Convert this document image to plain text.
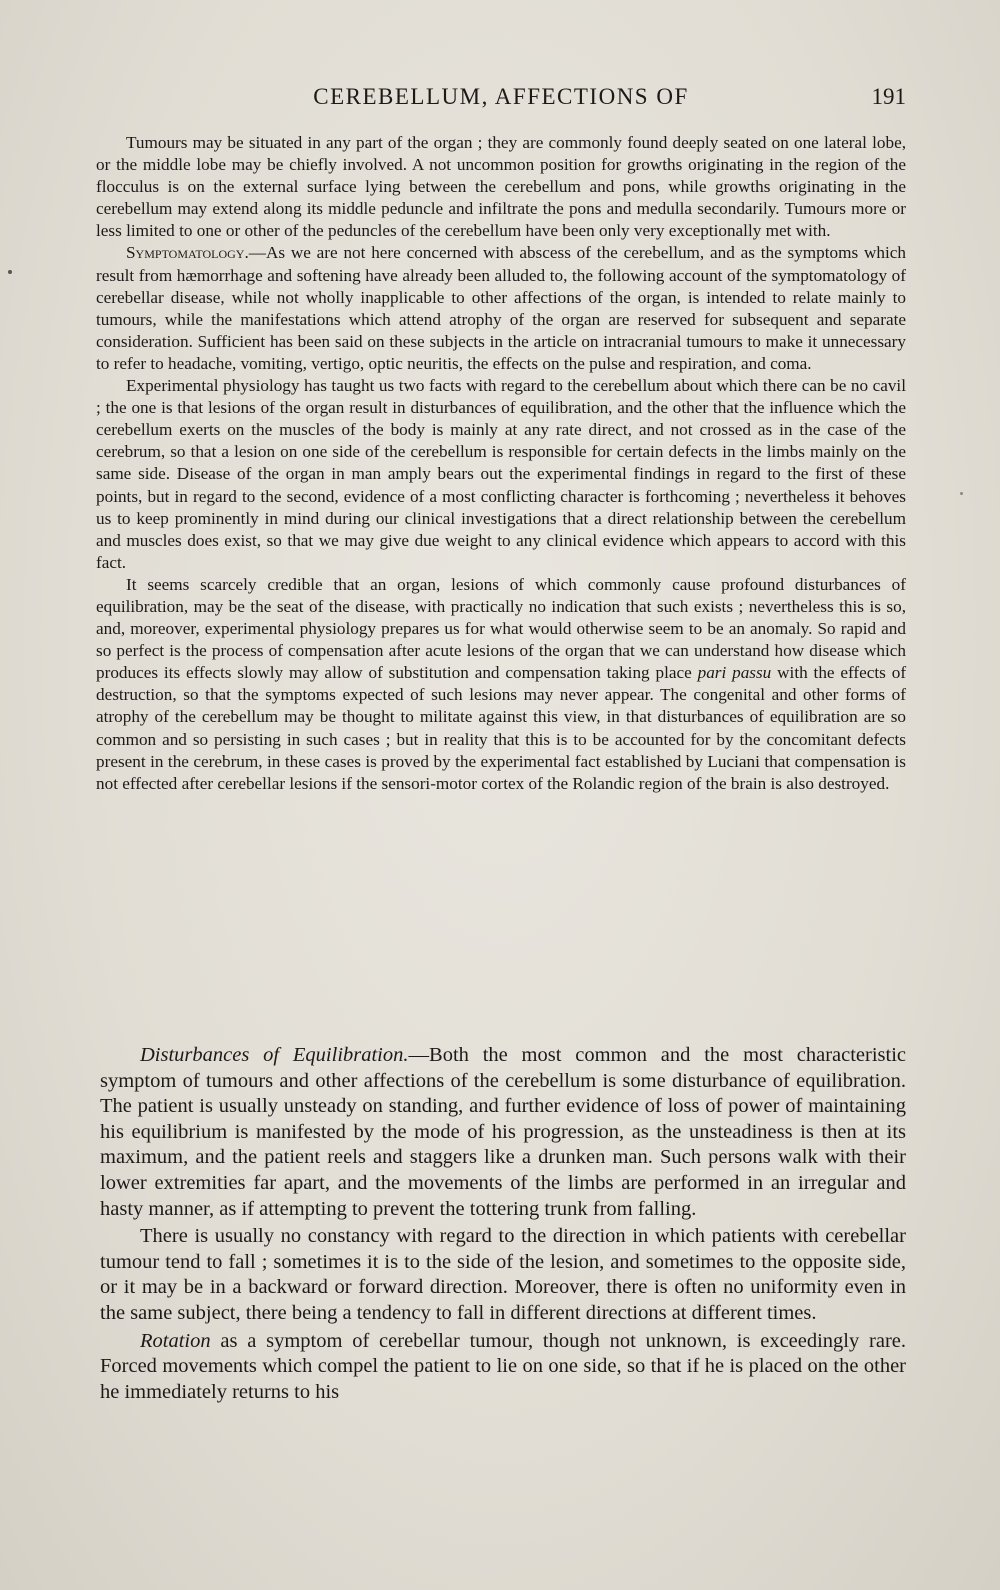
CEREBELLUM, AFFECTIONS OF	191

Tumours may be situated in any part of the organ ; they are commonly found deeply seated on one lateral lobe, or the middle lobe may be chiefly involved. A not uncommon position for growths originating in the region of the flocculus is on the external surface lying between the cerebellum and pons, while growths originating in the cerebellum may extend along its middle peduncle and infiltrate the pons and medulla secondarily. Tumours more or less limited to one or other of the peduncles of the cerebellum have been only very exceptionally met with.

Symptomatology.—As we are not here concerned with abscess of the cerebellum, and as the symptoms which result from hæmorrhage and softening have already been alluded to, the following account of the symptomatology of cerebellar disease, while not wholly inapplicable to other affections of the organ, is intended to relate mainly to tumours, while the manifestations which attend atrophy of the organ are reserved for subsequent and separate consideration. Sufficient has been said on these subjects in the article on intracranial tumours to make it unnecessary to refer to headache, vomiting, vertigo, optic neuritis, the effects on the pulse and respiration, and coma.

Experimental physiology has taught us two facts with regard to the cerebellum about which there can be no cavil ; the one is that lesions of the organ result in disturbances of equilibration, and the other that the influence which the cerebellum exerts on the muscles of the body is mainly at any rate direct, and not crossed as in the case of the cerebrum, so that a lesion on one side of the cerebellum is responsible for certain defects in the limbs mainly on the same side. Disease of the organ in man amply bears out the experimental findings in regard to the first of these points, but in regard to the second, evidence of a most conflicting character is forthcoming ; nevertheless it behoves us to keep prominently in mind during our clinical investigations that a direct relationship between the cerebellum and muscles does exist, so that we may give due weight to any clinical evidence which appears to accord with this fact.

It seems scarcely credible that an organ, lesions of which commonly cause profound disturbances of equilibration, may be the seat of the disease, with practically no indication that such exists ; nevertheless this is so, and, moreover, experimental physiology prepares us for what would otherwise seem to be an anomaly. So rapid and so perfect is the process of compensation after acute lesions of the organ that we can understand how disease which produces its effects slowly may allow of substitution and compensation taking place pari passu with the effects of destruction, so that the symptoms expected of such lesions may never appear. The congenital and other forms of atrophy of the cerebellum may be thought to militate against this view, in that disturbances of equilibration are so common and so persisting in such cases ; but in reality that this is to be accounted for by the concomitant defects present in the cerebrum, in these cases is proved by the experimental fact established by Luciani that compensation is not effected after cerebellar lesions if the sensori-motor cortex of the Rolandic region of the brain is also destroyed.

Disturbances of Equilibration.—Both the most common and the most characteristic symptom of tumours and other affections of the cerebellum is some disturbance of equilibration. The patient is usually unsteady on standing, and further evidence of loss of power of maintaining his equilibrium is manifested by the mode of his progression, as the unsteadiness is then at its maximum, and the patient reels and staggers like a drunken man. Such persons walk with their lower extremities far apart, and the movements of the limbs are performed in an irregular and hasty manner, as if attempting to prevent the tottering trunk from falling.

There is usually no constancy with regard to the direction in which patients with cerebellar tumour tend to fall ; sometimes it is to the side of the lesion, and sometimes to the opposite side, or it may be in a backward or forward direction. Moreover, there is often no uniformity even in the same subject, there being a tendency to fall in different directions at different times.

Rotation as a symptom of cerebellar tumour, though not unknown, is exceedingly rare. Forced movements which compel the patient to lie on one side, so that if he is placed on the other he immediately returns to his
